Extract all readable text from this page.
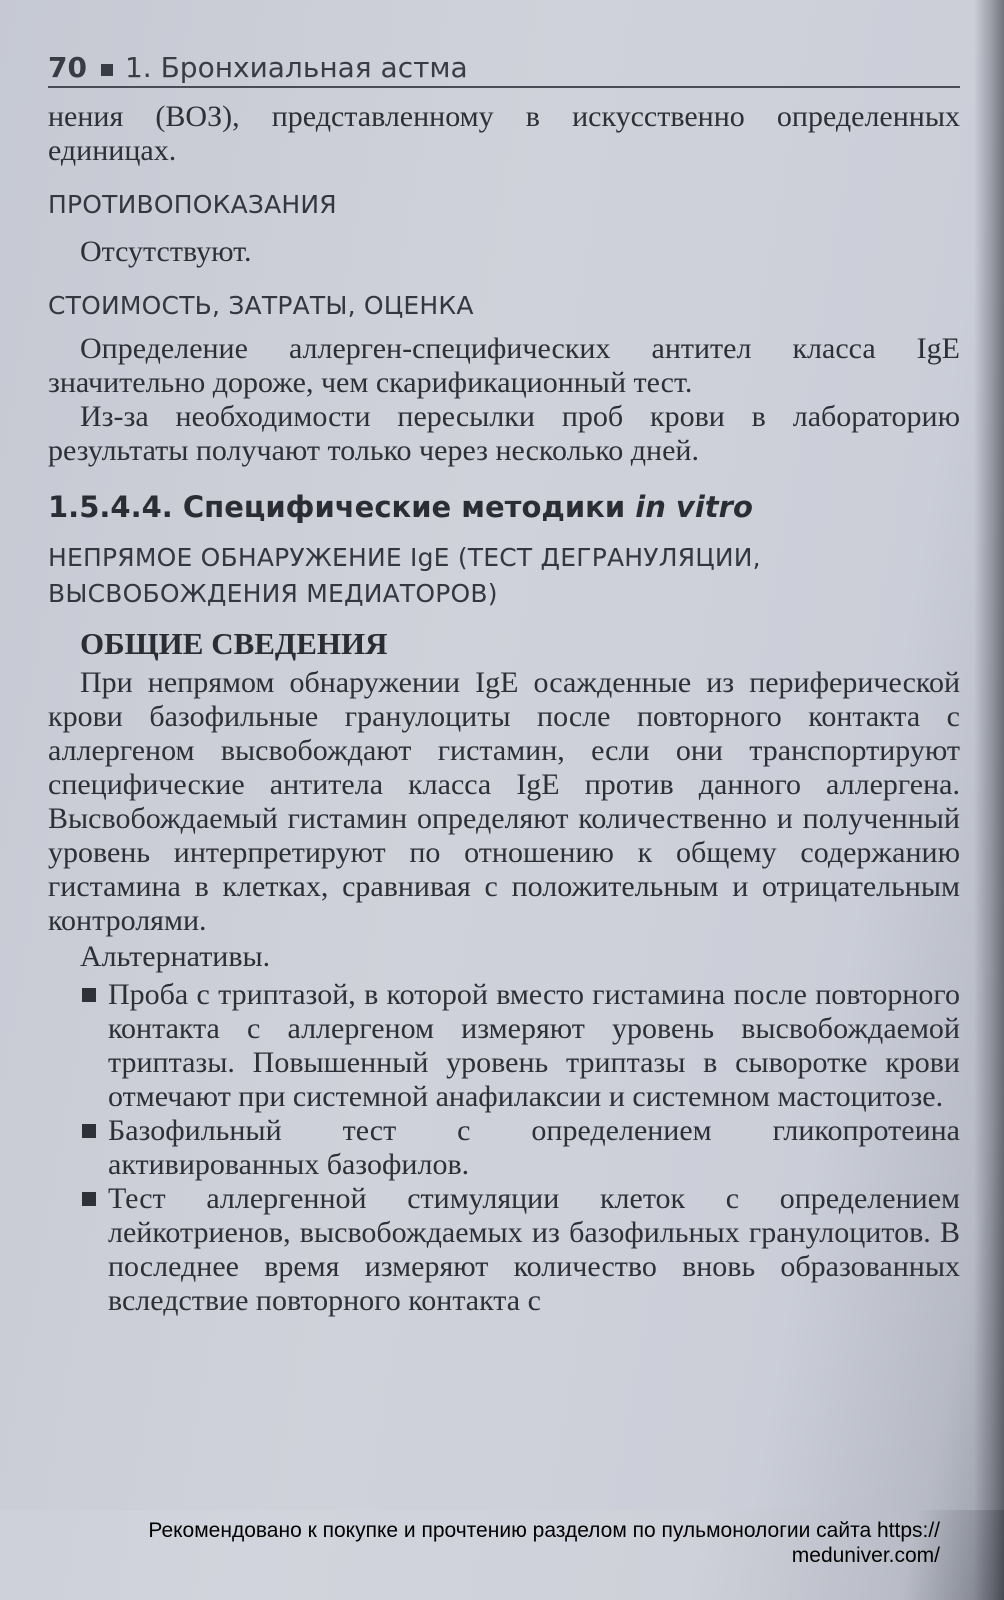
70 1. Бронхиальная астма

нения (ВОЗ), представленному в искусственно определенных единицах.

ПРОТИВОПОКАЗАНИЯ

Отсутствуют.

СТОИМОСТЬ, ЗАТРАТЫ, ОЦЕНКА

Определение аллерген-специфических антител класса IgE значительно дороже, чем скарификационный тест.

Из-за необходимости пересылки проб крови в лабораторию результаты получают только через несколько дней.

1.5.4.4. Специфические методики in vitro

НЕПРЯМОЕ ОБНАРУЖЕНИЕ IgE (ТЕСТ ДЕГРАНУЛЯЦИИ, ВЫСВОБОЖДЕНИЯ МЕДИАТОРОВ)

ОБЩИЕ СВЕДЕНИЯ

При непрямом обнаружении IgE осажденные из периферической крови базофильные гранулоциты после повторного контакта с аллергеном высвобождают гистамин, если они транспортируют специфические антитела класса IgE против данного аллергена. Высвобождаемый гистамин определяют количественно и полученный уровень интерпретируют по отношению к общему содержанию гистамина в клетках, сравнивая с положительным и отрицательным контролями.

Альтернативы.

Проба с триптазой, в которой вместо гистамина после повторного контакта с аллергеном измеряют уровень высвобождаемой триптазы. Повышенный уровень триптазы в сыворотке крови отмечают при системной анафилаксии и системном мастоцитозе.
Базофильный тест с определением гликопротеина активированных базофилов.
Тест аллергенной стимуляции клеток с определением лейкотриенов, высвобождаемых из базофильных гранулоцитов. В последнее время измеряют количество вновь образованных вследствие повторного контакта с
Рекомендовано к покупке и прочтению разделом по пульмонологии сайта https:// meduniver.com/
